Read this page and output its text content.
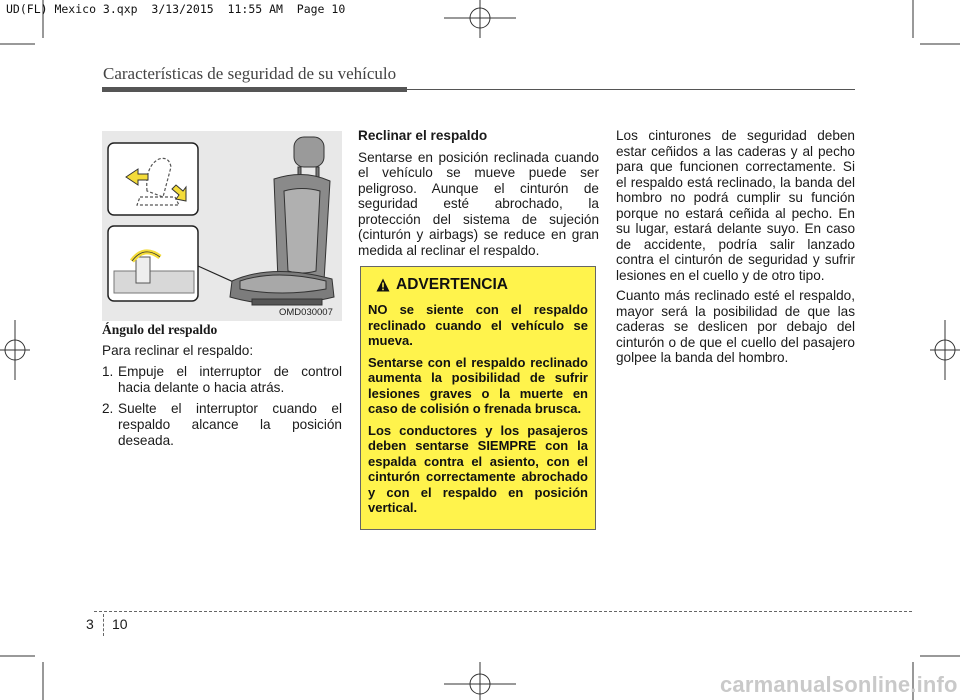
UD(FL) Mexico 3.qxp  3/13/2015  11:55 AM  Page 10
Características de seguridad de su vehículo
OMD030007
Ángulo del respaldo

Para reclinar el respaldo:

1. Empuje el interruptor de control hacia delante o hacia atrás.
2. Suelte el interruptor cuando el respaldo alcance la posición deseada.
Reclinar el respaldo

Sentarse en posición reclinada cuando el vehículo se mueve puede ser peligroso. Aunque el cinturón de seguridad esté abrochado, la protección del sistema de sujeción (cinturón y airbags) se reduce en gran medida al reclinar el respaldo.

ADVERTENCIA

NO se siente con el respaldo reclinado cuando el vehículo se mueva.

Sentarse con el respaldo reclinado aumenta la posibilidad de sufrir lesiones graves o la muerte en caso de colisión o frenada brusca.

Los conductores y los pasajeros deben sentarse SIEMPRE con la espalda contra el asiento, con el cinturón correctamente abrochado y con el respaldo en posición vertical.

Los cinturones de seguridad deben estar ceñidos a las caderas y al pecho para que funcionen correctamente. Si el respaldo está reclinado, la banda del hombro no podrá cumplir su función porque no estará ceñida al pecho. En su lugar, estará delante suyo. En caso de accidente, podría salir lanzado contra el cinturón de seguridad y sufrir lesiones en el cuello y de otro tipo.

Cuanto más reclinado esté el respaldo, mayor será la posibilidad de que las caderas se deslicen por debajo del cinturón o de que el cuello del pasajero golpee la banda del hombro.

3 10
carmanualsonline.info
